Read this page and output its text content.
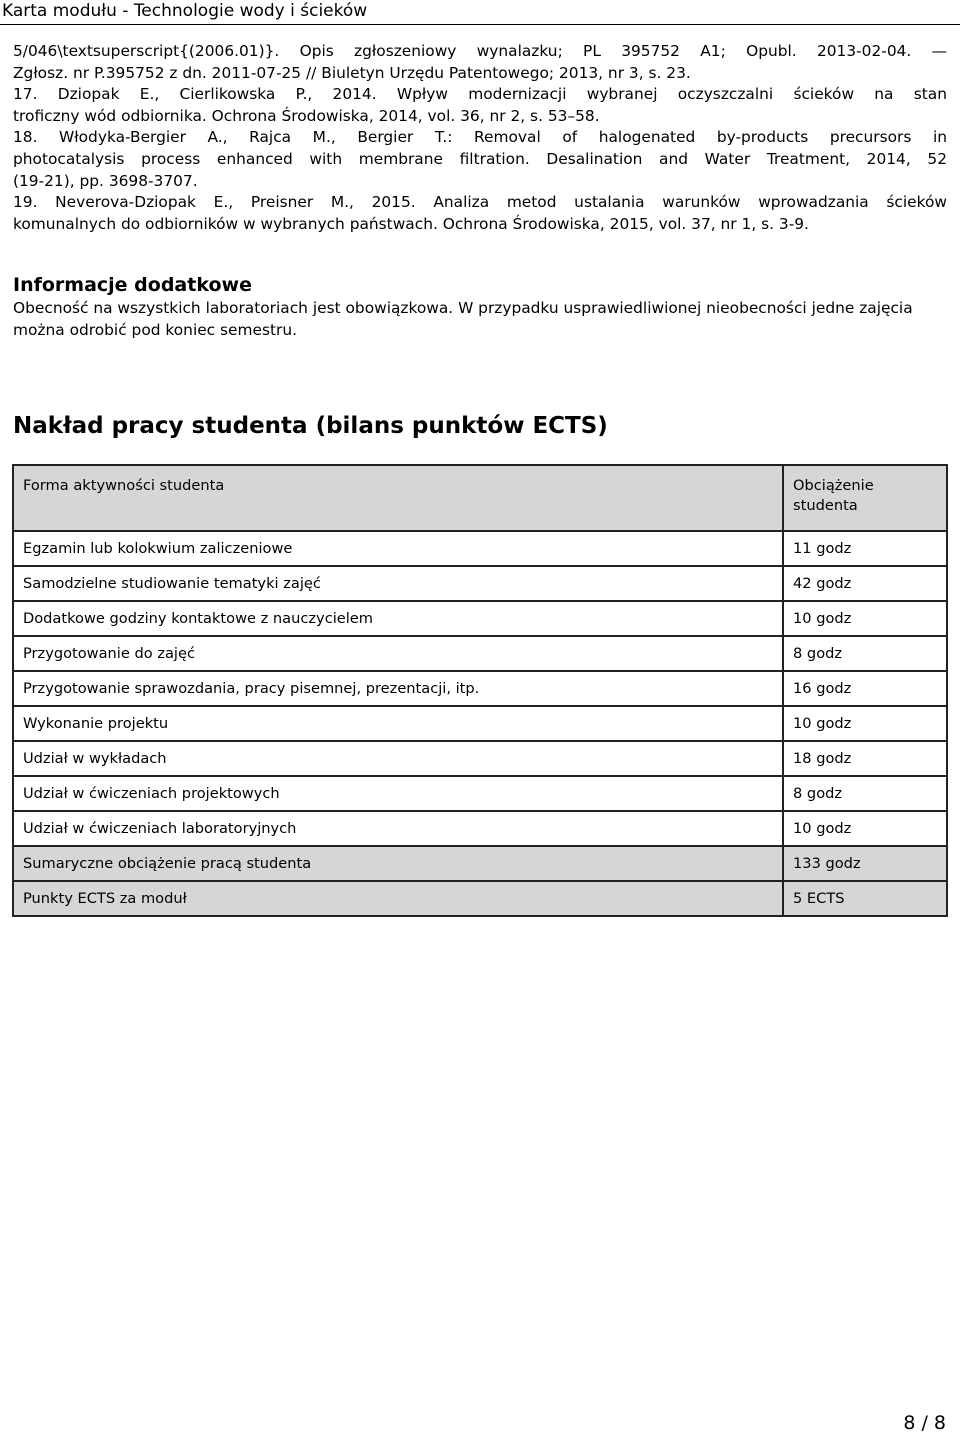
Karta modułu - Technologie wody i ścieków
5/046\textsuperscript{(2006.01)}. Opis zgłoszeniowy wynalazku; PL 395752 A1; Opubl. 2013-02-04. —
Zgłosz. nr P.395752 z dn. 2011-07-25 // Biuletyn Urzędu Patentowego; 2013, nr 3, s. 23.
17. Dziopak E., Cierlikowska P., 2014. Wpływ modernizacji wybranej oczyszczalni ścieków na stan
troficzny wód odbiornika. Ochrona Środowiska, 2014, vol. 36, nr 2, s. 53–58.
18. Włodyka-Bergier A., Rajca M., Bergier T.: Removal of halogenated by-products precursors in
photocatalysis process enhanced with membrane filtration. Desalination and Water Treatment, 2014, 52
(19-21), pp. 3698-3707.
19. Neverova-Dziopak E., Preisner M., 2015. Analiza metod ustalania warunków wprowadzania ścieków
komunalnych do odbiorników w wybranych państwach. Ochrona Środowiska, 2015, vol. 37, nr 1, s. 3-9.
Informacje dodatkowe
Obecność na wszystkich laboratoriach jest obowiązkowa. W przypadku usprawiedliwionej nieobecności jedne zajęcia można odrobić pod koniec semestru.
Nakład pracy studenta (bilans punktów ECTS)
Forma aktywności studenta	Obciążenie studenta
Egzamin lub kolokwium zaliczeniowe	11 godz
Samodzielne studiowanie tematyki zajęć	42 godz
Dodatkowe godziny kontaktowe z nauczycielem	10 godz
Przygotowanie do zajęć	8 godz
Przygotowanie sprawozdania, pracy pisemnej, prezentacji, itp.	16 godz
Wykonanie projektu	10 godz
Udział w wykładach	18 godz
Udział w ćwiczeniach projektowych	8 godz
Udział w ćwiczeniach laboratoryjnych	10 godz
Sumaryczne obciążenie pracą studenta	133 godz
Punkty ECTS za moduł	5 ECTS
8 / 8
